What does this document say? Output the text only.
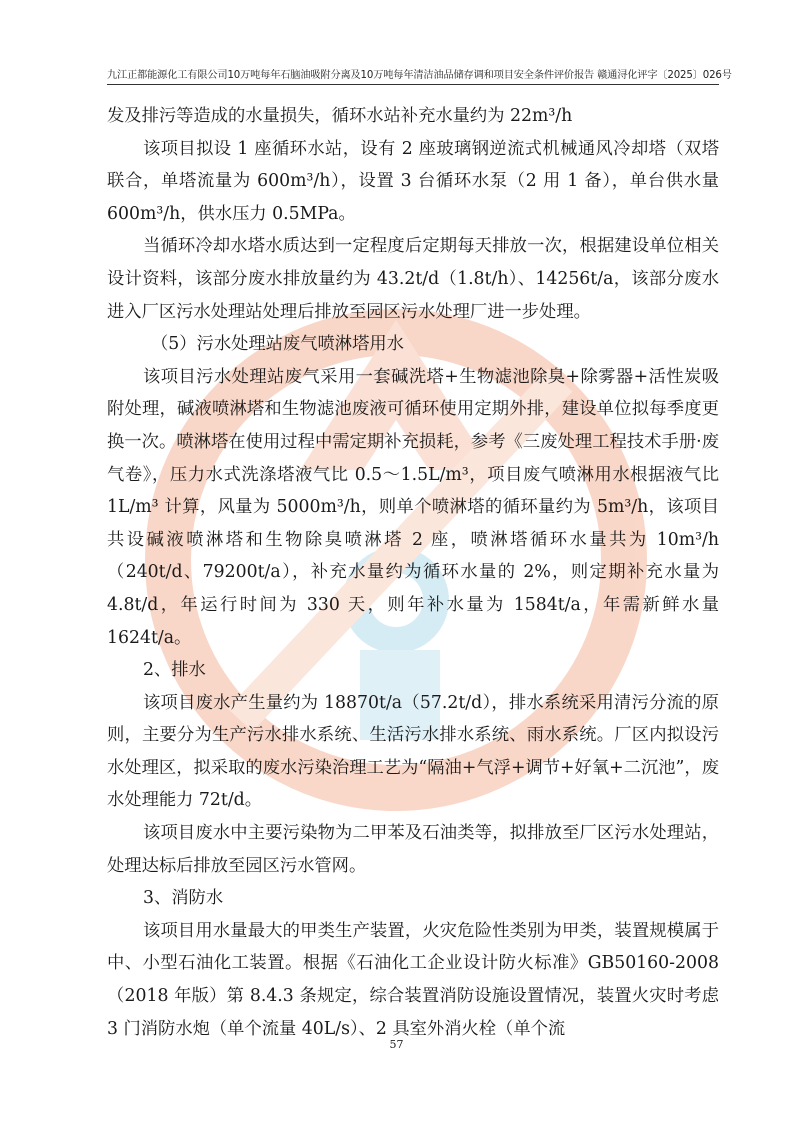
九江正都能源化工有限公司10万吨每年石脑油吸附分离及10万吨每年清洁油品储存调和项目安全条件评价报告 赣通浔化评字〔2025〕026号

发及排污等造成的水量损失，循环水站补充水量约为 22m³/h

该项目拟设 1 座循环水站，设有 2 座玻璃钢逆流式机械通风冷却塔（双塔联合，单塔流量为 600m³/h），设置 3 台循环水泵（2 用 1 备），单台供水量 600m³/h，供水压力 0.5MPa。

当循环冷却水塔水质达到一定程度后定期每天排放一次，根据建设单位相关设计资料，该部分废水排放量约为 43.2t/d（1.8t/h）、14256t/a，该部分废水进入厂区污水处理站处理后排放至园区污水处理厂进一步处理。

（5）污水处理站废气喷淋塔用水

该项目污水处理站废气采用一套碱洗塔+生物滤池除臭+除雾器+活性炭吸附处理，碱液喷淋塔和生物滤池废液可循环使用定期外排，建设单位拟每季度更换一次。喷淋塔在使用过程中需定期补充损耗，参考《三废处理工程技术手册·废气卷》，压力水式洗涤塔液气比 0.5～1.5L/m³，项目废气喷淋用水根据液气比 1L/m³ 计算，风量为 5000m³/h，则单个喷淋塔的循环量约为 5m³/h，该项目共设碱液喷淋塔和生物除臭喷淋塔 2 座，喷淋塔循环水量共为 10m³/h（240t/d、79200t/a），补充水量约为循环水量的 2%，则定期补充水量为 4.8t/d，年运行时间为 330 天，则年补水量为 1584t/a，年需新鲜水量 1624t/a。

2、排水

该项目废水产生量约为 18870t/a（57.2t/d），排水系统采用清污分流的原则，主要分为生产污水排水系统、生活污水排水系统、雨水系统。厂区内拟设污水处理区，拟采取的废水污染治理工艺为“隔油+气浮+调节+好氧+二沉池”，废水处理能力 72t/d。

该项目废水中主要污染物为二甲苯及石油类等，拟排放至厂区污水处理站，处理达标后排放至园区污水管网。

3、消防水

该项目用水量最大的甲类生产装置，火灾危险性类别为甲类，装置规模属于中、小型石油化工装置。根据《石油化工企业设计防火标准》GB50160-2008（2018 年版）第 8.4.3 条规定，综合装置消防设施设置情况，装置火灾时考虑 3 门消防水炮（单个流量 40L/s）、2 具室外消火栓（单个流

57
